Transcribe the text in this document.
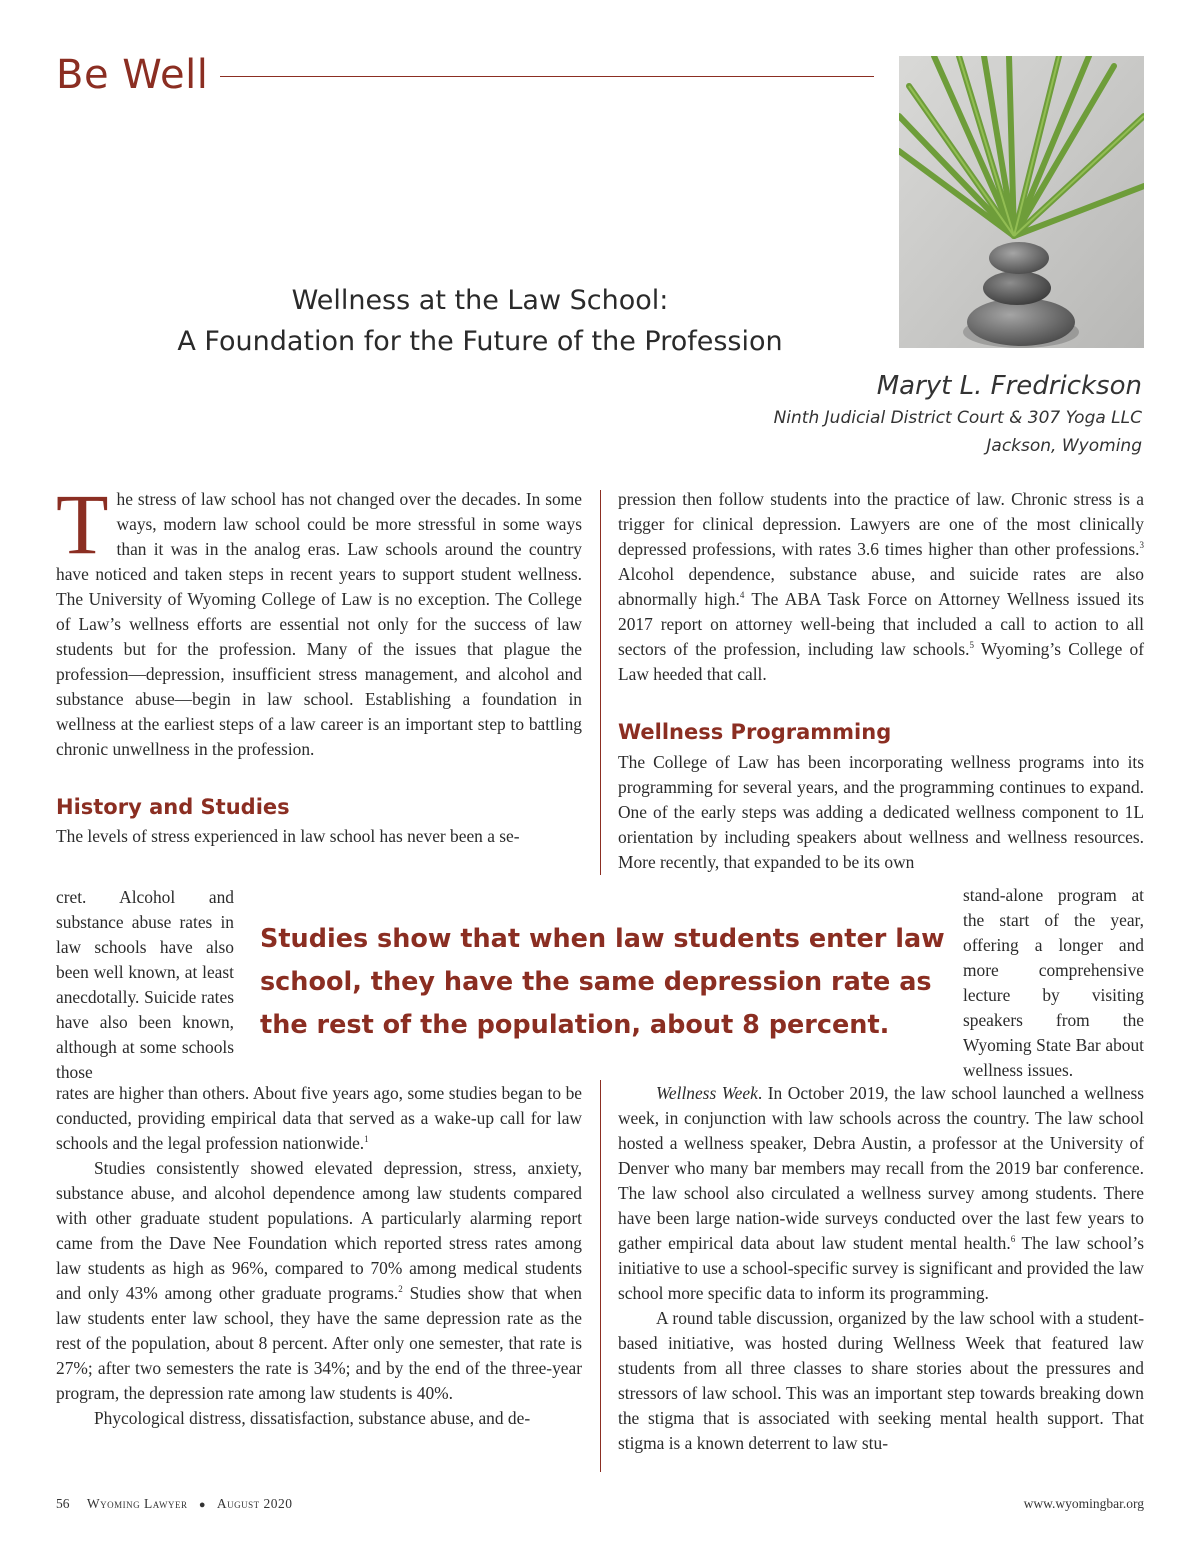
Be Well
Wellness at the Law School:
A Foundation for the Future of the Profession
Maryt L. Fredrickson
Ninth Judicial District Court & 307 Yoga LLC
Jackson, Wyoming

The stress of law school has not changed over the decades. In some ways, modern law school could be more stressful in some ways than it was in the analog eras. Law schools around the country have noticed and taken steps in recent years to support student wellness. The University of Wyoming College of Law is no exception. The College of Law’s wellness efforts are essential not only for the success of law students but for the profession. Many of the issues that plague the profession—depression, insufficient stress management, and alcohol and substance abuse—begin in law school. Establishing a foundation in wellness at the earliest steps of a law career is an important step to battling chronic unwellness in the profession.

History and Studies

The levels of stress experienced in law school has never been a se-

cret. Alcohol and substance abuse rates in law schools have also been well known, at least anecdotally. Suicide rates have also been known, although at some schools those

Studies show that when law students enter law school, they have the same depression rate as the rest of the population, about 8 percent.

rates are higher than others. About five years ago, some studies began to be conducted, providing empirical data that served as a wake-up call for law schools and the legal profession nationwide.$^1$

Studies consistently showed elevated depression, stress, anxiety, substance abuse, and alcohol dependence among law students compared with other graduate student populations. A particularly alarming report came from the Dave Nee Foundation which reported stress rates among law students as high as 96%, compared to 70% among medical students and only 43% among other graduate programs.$^2$ Studies show that when law students enter law school, they have the same depression rate as the rest of the population, about 8 percent. After only one semester, that rate is 27%; after two semesters the rate is 34%; and by the end of the three-year program, the depression rate among law students is 40%.

Phycological distress, dissatisfaction, substance abuse, and de-

pression then follow students into the practice of law. Chronic stress is a trigger for clinical depression. Lawyers are one of the most clinically depressed professions, with rates 3.6 times higher than other professions.$^3$ Alcohol dependence, substance abuse, and suicide rates are also abnormally high.$^4$ The ABA Task Force on Attorney Wellness issued its 2017 report on attorney well-being that included a call to action to all sectors of the profession, including law schools.$^5$ Wyoming’s College of Law heeded that call.

Wellness Programming

The College of Law has been incorporating wellness programs into its programming for several years, and the programming continues to expand. One of the early steps was adding a dedicated wellness component to 1L orientation by including speakers about wellness and wellness resources. More recently, that expanded to be its own

stand-alone program at the start of the year, offering a longer and more comprehensive lecture by visiting speakers from the Wyoming State Bar about wellness issues.

Wellness Week. In October 2019, the law school launched a wellness week, in conjunction with law schools across the country. The law school hosted a wellness speaker, Debra Austin, a professor at the University of Denver who many bar members may recall from the 2019 bar conference. The law school also circulated a wellness survey among students. There have been large nation-wide surveys conducted over the last few years to gather empirical data about law student mental health.$^6$ The law school’s initiative to use a school-specific survey is significant and provided the law school more specific data to inform its programming.

A round table discussion, organized by the law school with a student-based initiative, was hosted during Wellness Week that featured law students from all three classes to share stories about the pressures and stressors of law school. This was an important step towards breaking down the stigma that is associated with seeking mental health support. That stigma is a known deterrent to law stu-

56 Wyoming Lawyer ● August 2020	www.wyomingbar.org
